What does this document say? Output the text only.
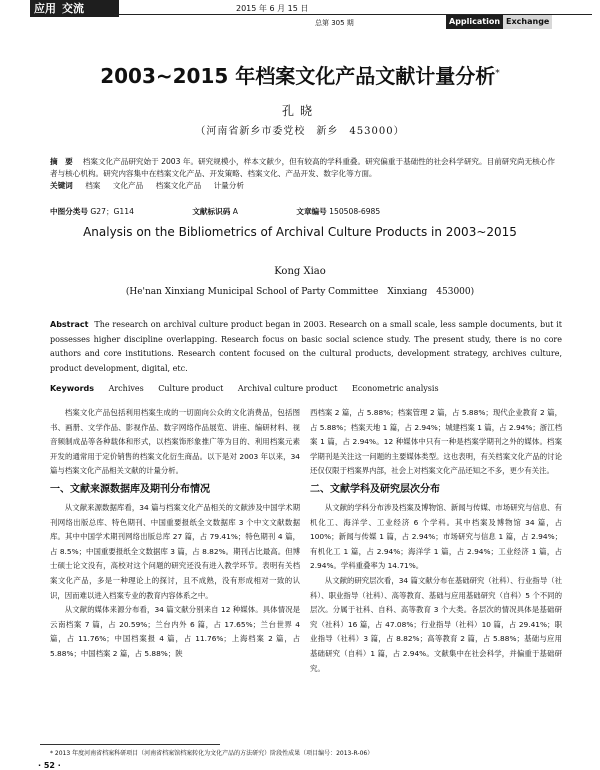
应用 交流	2015 年 6 月 15 日
总第 305 期	Application Exchange
2003~2015 年档案文化产品文献计量分析*
孔晓
（河南省新乡市委党校　新乡　453000）
摘　要 档案文化产品研究始于 2003 年。研究规模小，样本文献少，但有较高的学科重叠。研究偏重于基础性的社会科学研究。目前研究尚无核心作者与核心机构。研究内容集中在档案文化产品、开发策略、档案文化、产品开发、数字化等方面。
关键词 档案 文化产品 档案文化产品 计量分析
中图分类号 G27；G114	文献标识码 A	文章编号 150508-6985
Analysis on the Bibliometrics of Archival Culture Products in 2003~2015
Kong Xiao
(He'nan Xinxiang Municipal School of Party Committee　Xinxiang　453000)
Abstract The research on archival culture product began in 2003. Research on a small scale, less sample documents, but it possesses higher discipline overlapping. Research focus on basic social science study. The present study, there is no core authors and core institutions. Research content focused on the cultural products, development strategy, archives culture, product development, digital, etc.
Keywords Archives Culture product Archival culture product Econometric analysis

档案文化产品包括利用档案生成的一切面向公众的文化消费品，包括图书、画册、文学作品、影视作品、数字网络作品展览、讲座、编研材料、视音频制成品等各种载体和形式，以档案饰形象推广等为目的、利用档案元素开发的通常用于定价销售的档案文化衍生商品。以下是对 2003 年以来，34 篇与档案文化产品相关文献的计量分析。

一、文献来源数据库及期刊分布情况

从文献来源数据库看，34 篇与档案文化产品相关的文献涉及中国学术期刊网络出版总库、特色期刊、中国重要报纸全文数据库 3 个中文文献数据库。其中中国学术期刊网络出版总库 27 篇，占 79.41%；特色期刊 4 篇，占 8.5%；中国重要报纸全文数据库 3 篇，占 8.82%。期刊占比最高。但博士硕士论文没有，高校对这个问题的研究还没有进入教学环节。表明有关档案文化产品，多是一种理论上的探讨，且不成熟，没有形成相对一致的认识，因而难以进入档案专业的教育内容体系之中。

从文献的媒体来源分布看，34 篇文献分别来自 12 种媒体。具体情况是云南档案 7 篇，占 20.59%；兰台内外 6 篇，占 17.65%；兰台世界 4 篇，占 11.76%；中国档案报 4 篇，占 11.76%；上海档案 2 篇，占 5.88%；中国档案 2 篇，占 5.88%；陕

西档案 2 篇，占 5.88%；档案管理 2 篇，占 5.88%；现代企业教育 2 篇，占 5.88%；档案天地 1 篇，占 2.94%；城建档案 1 篇，占 2.94%；浙江档案 1 篇，占 2.94%。12 种媒体中只有一种是档案学期刊之外的媒体。档案学期刊是关注这一问题的主要媒体类型。这也表明，有关档案文化产品的讨论还仅仅限于档案界内部，社会上对档案文化产品还知之不多，更少有关注。

二、文献学科及研究层次分布

从文献的学科分布涉及档案及博物馆、新闻与传媒、市场研究与信息、有机化工、海洋学、工业经济 6 个学科。其中档案及博物馆 34 篇，占 100%；新闻与传媒 1 篇，占 2.94%；市场研究与信息 1 篇，占 2.94%；有机化工 1 篇，占 2.94%；海洋学 1 篇，占 2.94%；工业经济 1 篇，占 2.94%。学科重叠率为 14.71%。

从文献的研究层次看，34 篇文献分布在基础研究（社科）、行业指导（社科）、职业指导（社科）、高等教育、基础与应用基础研究（自科）5 个不同的层次。分属于社科、自科、高等教育 3 个大类。各层次的情况具体是基础研究（社科）16 篇，占 47.08%；行业指导（社科）10 篇，占 29.41%；职业指导（社科）3 篇，占 8.82%；高等教育 2 篇，占 5.88%；基础与应用基础研究（自科）1 篇，占 2.94%。文献集中在社会科学，并偏重于基础研究。

* 2013 年度河南省档案科研项目（河南省档案馆档案转化为文化产品的方法研究）阶段性成果（项目编号：2013-R-06）
· 52 ·
